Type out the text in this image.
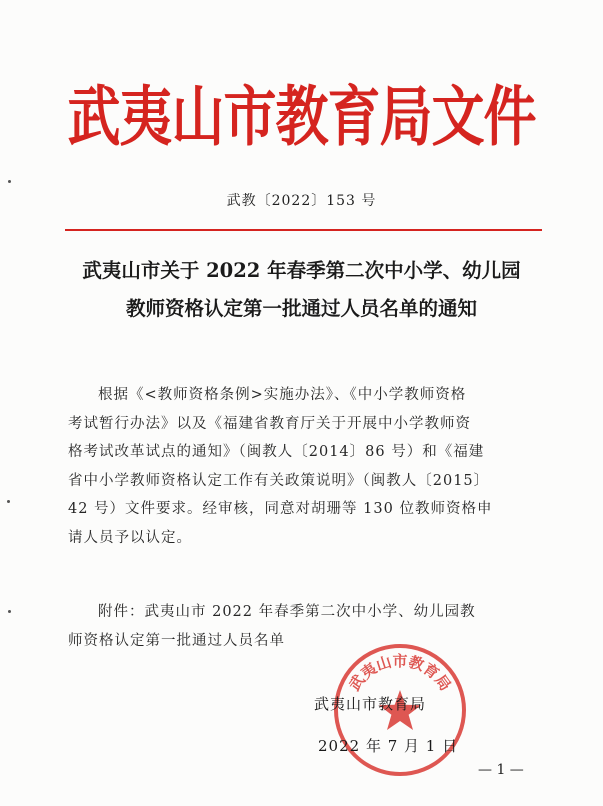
武夷山市教育局文件
武教〔2022〕153 号
武夷山市关于 2022 年春季第二次中小学、幼儿园
教师资格认定第一批通过人员名单的通知
根据《<教师资格条例>实施办法》、《中小学教师资格
考试暂行办法》以及《福建省教育厅关于开展中小学教师资
格考试改革试点的通知》（闽教人〔2014〕86 号）和《福建
省中小学教师资格认定工作有关政策说明》（闽教人〔2015〕
42 号）文件要求。经审核，同意对胡珊等 130 位教师资格申
请人员予以认定。
附件：武夷山市 2022 年春季第二次中小学、幼儿园教
师资格认定第一批通过人员名单
武夷山市教育局
武夷山市教育局
2022 年 7 月 1 日
— 1 —
